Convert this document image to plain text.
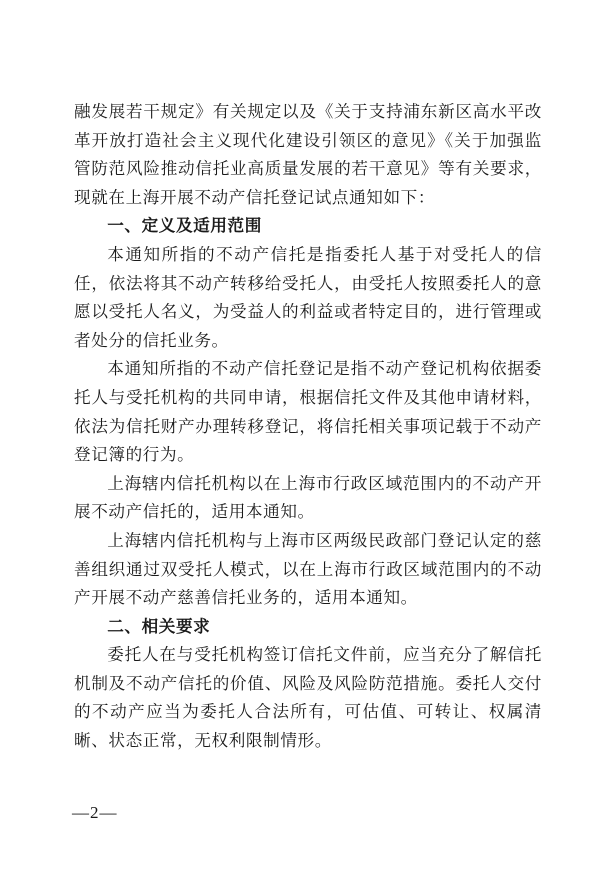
融发展若干规定》有关规定以及《关于支持浦东新区高水平改革开放打造社会主义现代化建设引领区的意见》《关于加强监管防范风险推动信托业高质量发展的若干意见》等有关要求，现就在上海开展不动产信托登记试点通知如下：

一、定义及适用范围

本通知所指的不动产信托是指委托人基于对受托人的信任，依法将其不动产转移给受托人，由受托人按照委托人的意愿以受托人名义，为受益人的利益或者特定目的，进行管理或者处分的信托业务。

本通知所指的不动产信托登记是指不动产登记机构依据委托人与受托机构的共同申请，根据信托文件及其他申请材料，依法为信托财产办理转移登记，将信托相关事项记载于不动产登记簿的行为。

上海辖内信托机构以在上海市行政区域范围内的不动产开展不动产信托的，适用本通知。

上海辖内信托机构与上海市区两级民政部门登记认定的慈善组织通过双受托人模式，以在上海市行政区域范围内的不动产开展不动产慈善信托业务的，适用本通知。

二、相关要求

委托人在与受托机构签订信托文件前，应当充分了解信托机制及不动产信托的价值、风险及风险防范措施。委托人交付的不动产应当为委托人合法所有，可估值、可转让、权属清晰、状态正常，无权利限制情形。

—2—
